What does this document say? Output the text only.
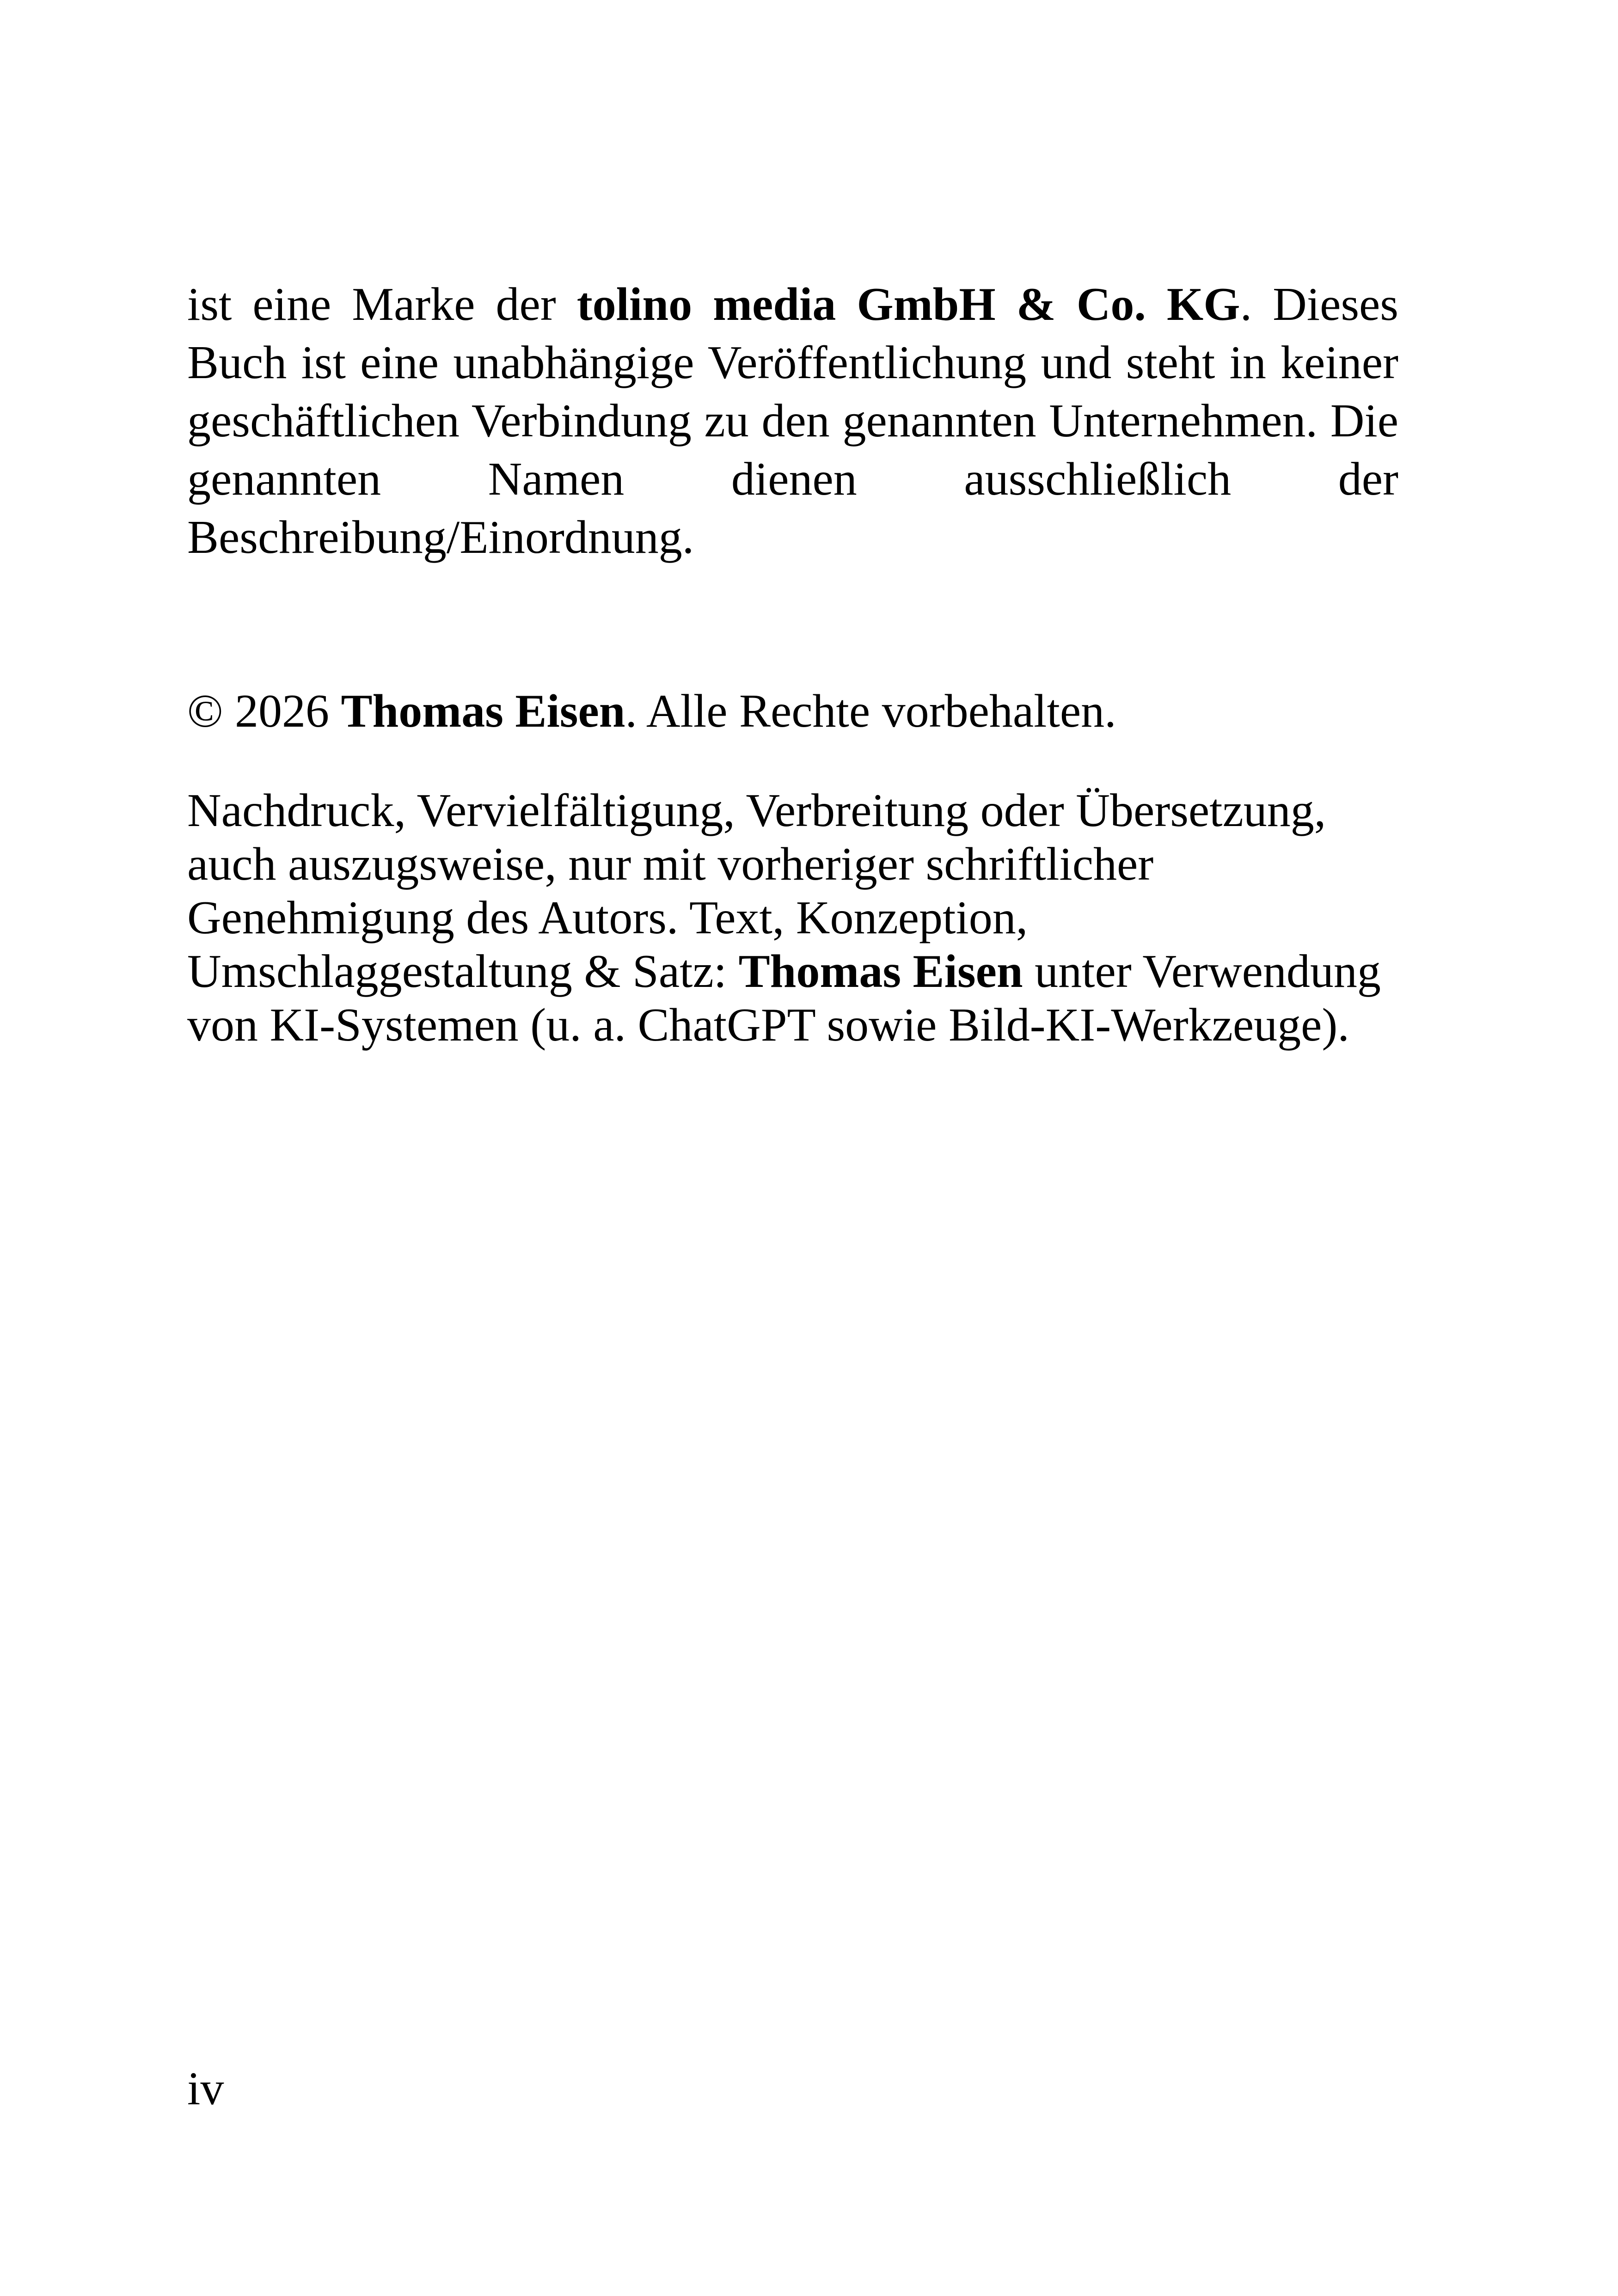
ist eine Marke der tolino media GmbH & Co. KG. Dieses Buch ist eine unabhängige Veröffentlichung und steht in keiner geschäftlichen Verbindung zu den genannten Unternehmen. Die genannten Namen dienen ausschließlich der Beschreibung/Einordnung.

© 2026 Thomas Eisen. Alle Rechte vorbehalten.

Nachdruck, Vervielfältigung, Verbreitung oder Übersetzung,
auch auszugsweise, nur mit vorheriger schriftlicher
Genehmigung des Autors. Text, Konzeption,
Umschlaggestaltung & Satz: Thomas Eisen unter Verwendung
von KI-Systemen (u. a. ChatGPT sowie Bild-KI-Werkzeuge).
iv
